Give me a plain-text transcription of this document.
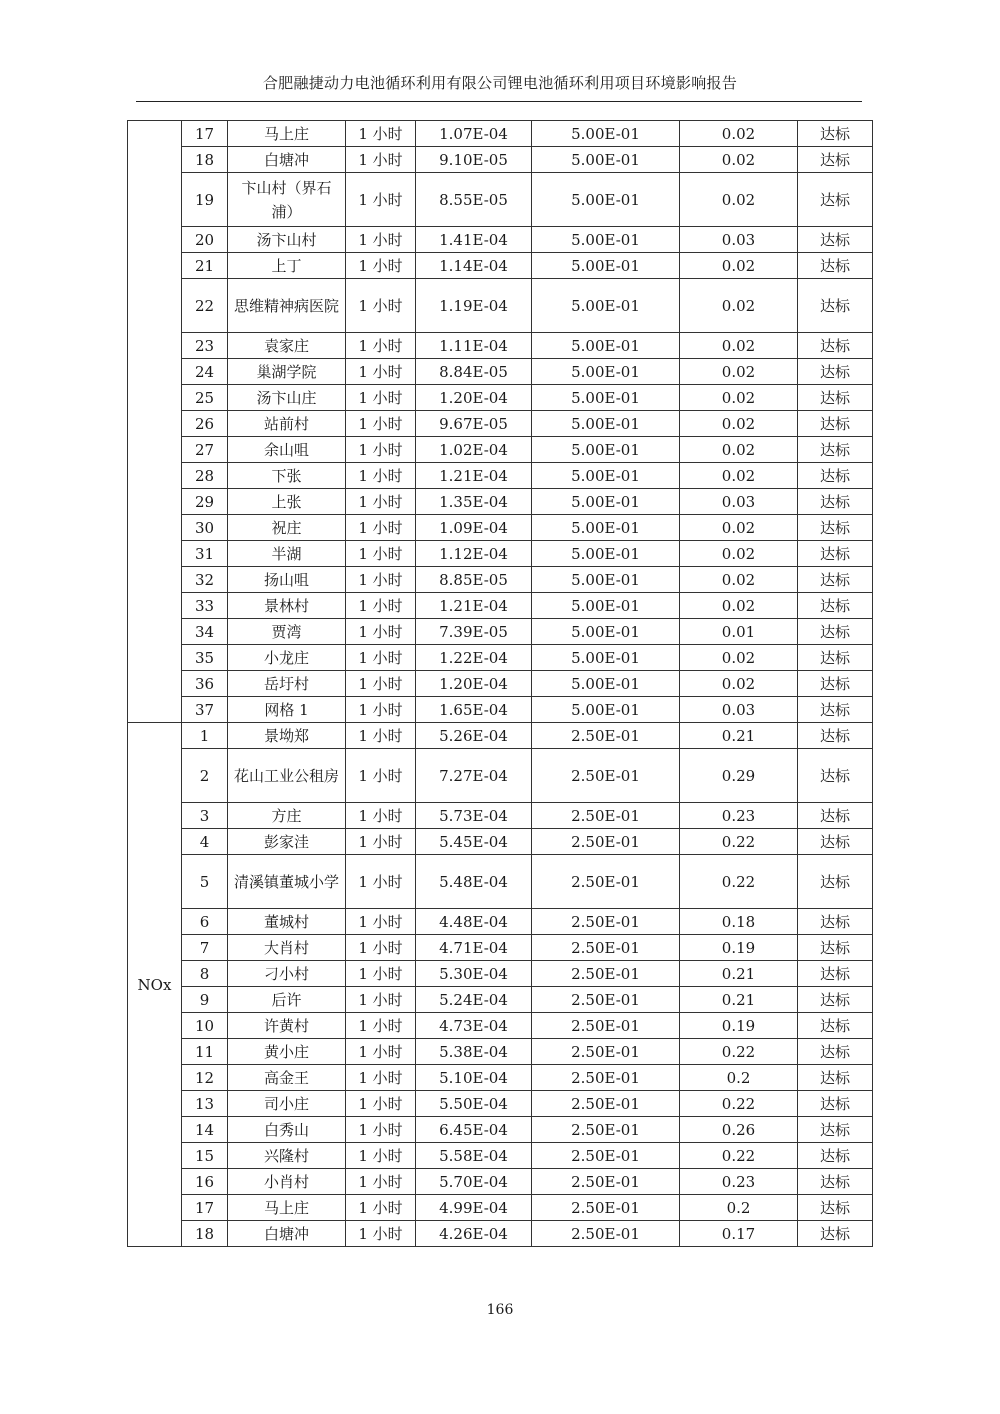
合肥融捷动力电池循环利用有限公司锂电池循环利用项目环境影响报告
	17	马上庄	1 小时	1.07E-04	5.00E-01	0.02	达标
	18	白塘冲	1 小时	9.10E-05	5.00E-01	0.02	达标
	19	卞山村（界石浦）	1 小时	8.55E-05	5.00E-01	0.02	达标
	20	汤卞山村	1 小时	1.41E-04	5.00E-01	0.03	达标
	21	上丁	1 小时	1.14E-04	5.00E-01	0.02	达标
	22	思维精神病医院	1 小时	1.19E-04	5.00E-01	0.02	达标
	23	袁家庄	1 小时	1.11E-04	5.00E-01	0.02	达标
	24	巢湖学院	1 小时	8.84E-05	5.00E-01	0.02	达标
	25	汤卞山庄	1 小时	1.20E-04	5.00E-01	0.02	达标
	26	站前村	1 小时	9.67E-05	5.00E-01	0.02	达标
	27	余山咀	1 小时	1.02E-04	5.00E-01	0.02	达标
	28	下张	1 小时	1.21E-04	5.00E-01	0.02	达标
	29	上张	1 小时	1.35E-04	5.00E-01	0.03	达标
	30	祝庄	1 小时	1.09E-04	5.00E-01	0.02	达标
	31	半湖	1 小时	1.12E-04	5.00E-01	0.02	达标
	32	扬山咀	1 小时	8.85E-05	5.00E-01	0.02	达标
	33	景林村	1 小时	1.21E-04	5.00E-01	0.02	达标
	34	贾湾	1 小时	7.39E-05	5.00E-01	0.01	达标
	35	小龙庄	1 小时	1.22E-04	5.00E-01	0.02	达标
	36	岳圩村	1 小时	1.20E-04	5.00E-01	0.02	达标
	37	网格 1	1 小时	1.65E-04	5.00E-01	0.03	达标
NOx	1	景坳郑	1 小时	5.26E-04	2.50E-01	0.21	达标
	2	花山工业公租房	1 小时	7.27E-04	2.50E-01	0.29	达标
	3	方庄	1 小时	5.73E-04	2.50E-01	0.23	达标
	4	彭家洼	1 小时	5.45E-04	2.50E-01	0.22	达标
	5	清溪镇董城小学	1 小时	5.48E-04	2.50E-01	0.22	达标
	6	董城村	1 小时	4.48E-04	2.50E-01	0.18	达标
	7	大肖村	1 小时	4.71E-04	2.50E-01	0.19	达标
	8	刁小村	1 小时	5.30E-04	2.50E-01	0.21	达标
	9	后许	1 小时	5.24E-04	2.50E-01	0.21	达标
	10	许黄村	1 小时	4.73E-04	2.50E-01	0.19	达标
	11	黄小庄	1 小时	5.38E-04	2.50E-01	0.22	达标
	12	高金王	1 小时	5.10E-04	2.50E-01	0.2	达标
	13	司小庄	1 小时	5.50E-04	2.50E-01	0.22	达标
	14	白秀山	1 小时	6.45E-04	2.50E-01	0.26	达标
	15	兴隆村	1 小时	5.58E-04	2.50E-01	0.22	达标
	16	小肖村	1 小时	5.70E-04	2.50E-01	0.23	达标
	17	马上庄	1 小时	4.99E-04	2.50E-01	0.2	达标
	18	白塘冲	1 小时	4.26E-04	2.50E-01	0.17	达标
166
